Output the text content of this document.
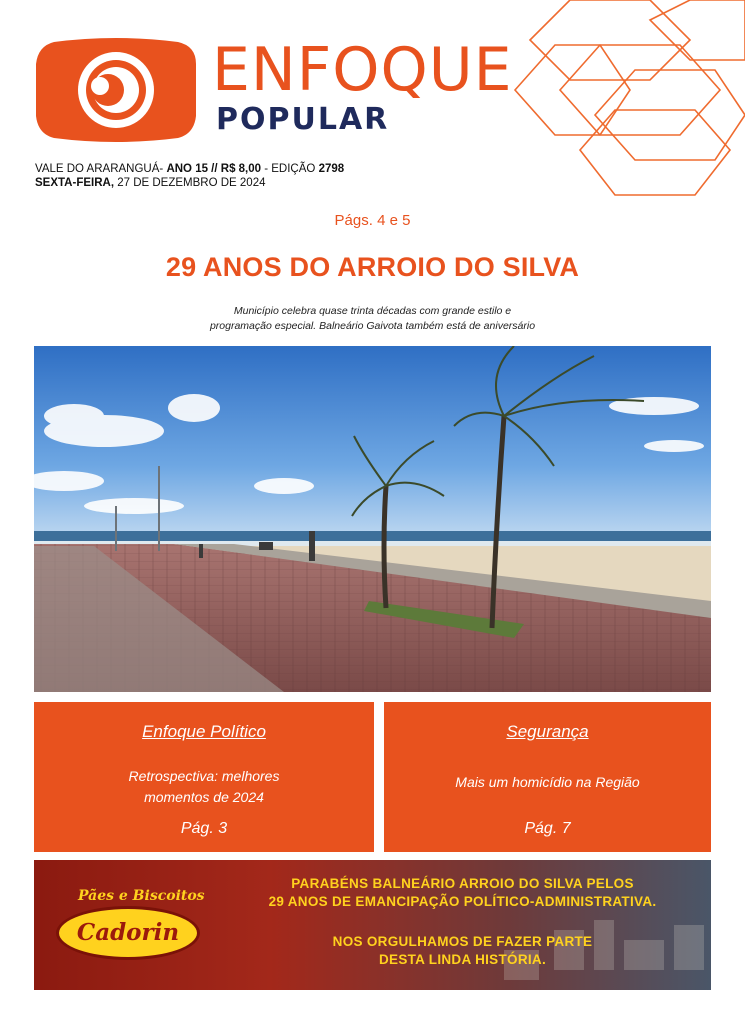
ENFOQUE
POPULAR
VALE DO ARARANGUÁ- ANO 15 // R$ 8,00 - EDIÇÃO 2798
SEXTA-FEIRA, 27 DE DEZEMBRO DE 2024
Págs. 4 e 5
29 ANOS DO ARROIO DO SILVA
Município celebra quase trinta décadas com grande estilo e
programação especial. Balneário Gaivota também está de aniversário
Enfoque Político
Retrospectiva: melhores
momentos de 2024
Pág. 3
Segurança
Mais um homicídio na Região
Pág. 7
Pães e Biscoitos
Cadorin
PARABÉNS BALNEÁRIO ARROIO DO SILVA PELOS
29 ANOS DE EMANCIPAÇÃO POLÍTICO-ADMINISTRATIVA.
NOS ORGULHAMOS DE FAZER PARTE
DESTA LINDA HISTÓRIA.
